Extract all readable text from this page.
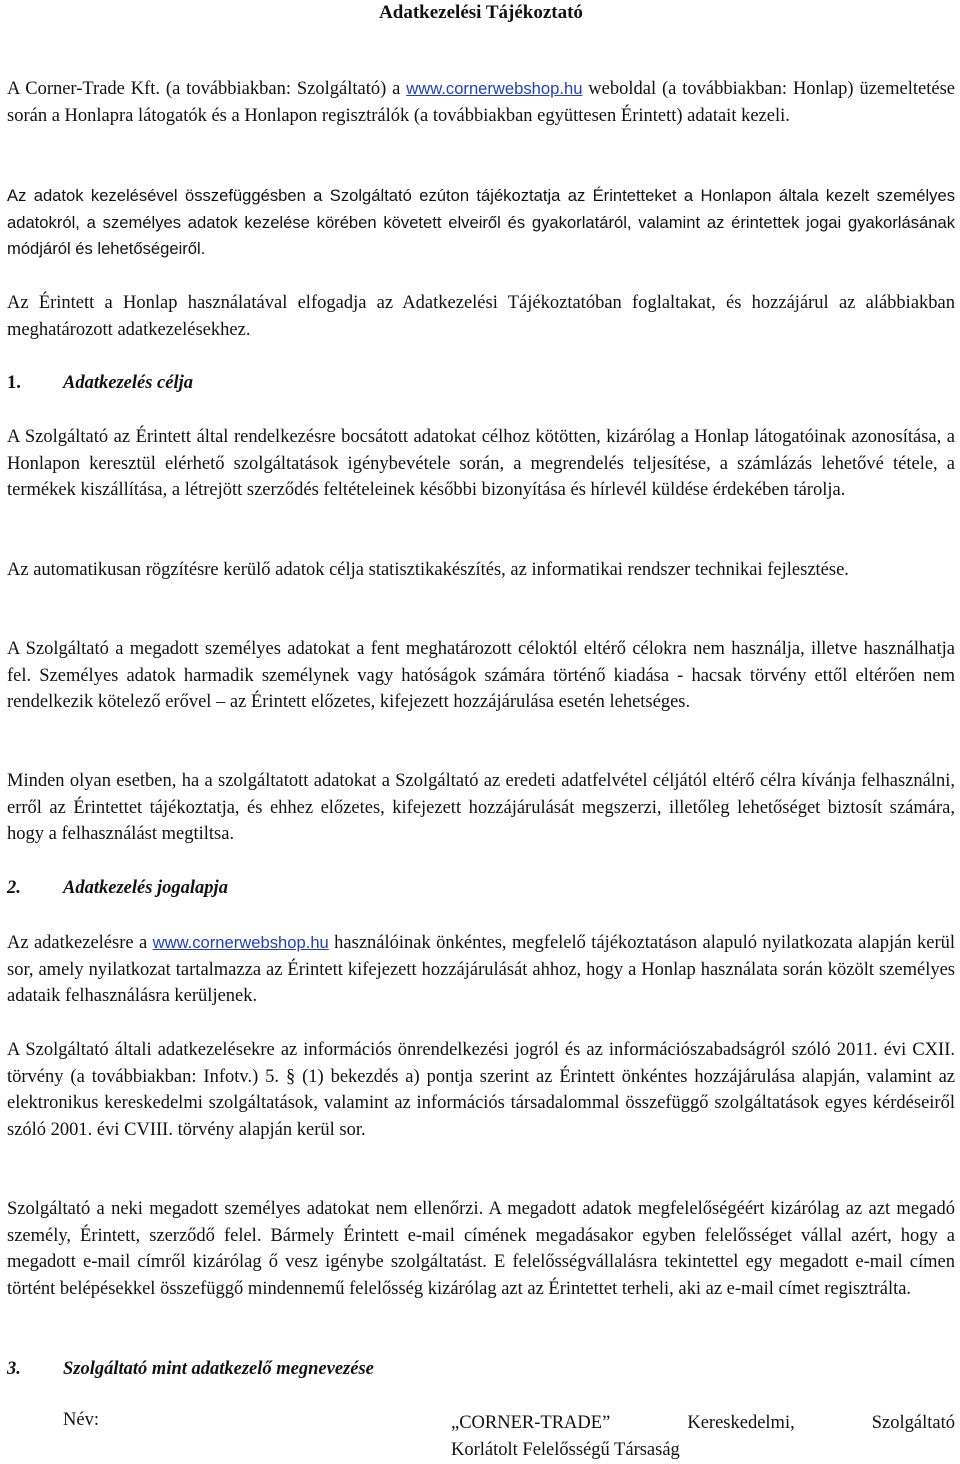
Adatkezelési Tájékoztató

A Corner-Trade Kft. (a továbbiakban: Szolgáltató) a www.cornerwebshop.hu weboldal (a továbbiakban: Honlap) üzemeltetése során a Honlapra látogatók és a Honlapon regisztrálók (a továbbiakban együttesen Érintett) adatait kezeli.

Az adatok kezelésével összefüggésben a Szolgáltató ezúton tájékoztatja az Érintetteket a Honlapon általa kezelt személyes adatokról, a személyes adatok kezelése körében követett elveiről és gyakorlatáról, valamint az érintettek jogai gyakorlásának módjáról és lehetőségeiről.

Az Érintett a Honlap használatával elfogadja az Adatkezelési Tájékoztatóban foglaltakat, és hozzájárul az alábbiakban meghatározott adatkezelésekhez.

1. Adatkezelés célja

A Szolgáltató az Érintett által rendelkezésre bocsátott adatokat célhoz kötötten, kizárólag a Honlap látogatóinak azonosítása, a Honlapon keresztül elérhető szolgáltatások igénybevétele során, a megrendelés teljesítése, a számlázás lehetővé tétele, a termékek kiszállítása, a létrejött szerződés feltételeinek későbbi bizonyítása és hírlevél küldése érdekében tárolja.

Az automatikusan rögzítésre kerülő adatok célja statisztikakészítés, az informatikai rendszer technikai fejlesztése.

A Szolgáltató a megadott személyes adatokat a fent meghatározott céloktól eltérő célokra nem használja, illetve használhatja fel. Személyes adatok harmadik személynek vagy hatóságok számára történő kiadása - hacsak törvény ettől eltérően nem rendelkezik kötelező erővel – az Érintett előzetes, kifejezett hozzájárulása esetén lehetséges.

Minden olyan esetben, ha a szolgáltatott adatokat a Szolgáltató az eredeti adatfelvétel céljától eltérő célra kívánja felhasználni, erről az Érintettet tájékoztatja, és ehhez előzetes, kifejezett hozzájárulását megszerzi, illetőleg lehetőséget biztosít számára, hogy a felhasználást megtiltsa.

2. Adatkezelés jogalapja

Az adatkezelésre a www.cornerwebshop.hu használóinak önkéntes, megfelelő tájékoztatáson alapuló nyilatkozata alapján kerül sor, amely nyilatkozat tartalmazza az Érintett kifejezett hozzájárulását ahhoz, hogy a Honlap használata során közölt személyes adataik felhasználásra kerüljenek.

A Szolgáltató általi adatkezelésekre az információs önrendelkezési jogról és az információszabadságról szóló 2011. évi CXII. törvény (a továbbiakban: Infotv.) 5. § (1) bekezdés a) pontja szerint az Érintett önkéntes hozzájárulása alapján, valamint az elektronikus kereskedelmi szolgáltatások, valamint az információs társadalommal összefüggő szolgáltatások egyes kérdéseiről szóló 2001. évi CVIII. törvény alapján kerül sor.

Szolgáltató a neki megadott személyes adatokat nem ellenőrzi. A megadott adatok megfelelőségéért kizárólag az azt megadó személy, Érintett, szerződő felel. Bármely Érintett e-mail címének megadásakor egyben felelősséget vállal azért, hogy a megadott e-mail címről kizárólag ő vesz igénybe szolgáltatást. E felelősségvállalásra tekintettel egy megadott e-mail címen történt belépésekkel összefüggő mindennemű felelősség kizárólag azt az Érintettet terheli, aki az e-mail címet regisztrálta.

3. Szolgáltató mint adatkezelő megnevezése
Név:	„CORNER-TRADE” Kereskedelmi, Szolgáltató
Korlátolt Felelősségű Társaság
